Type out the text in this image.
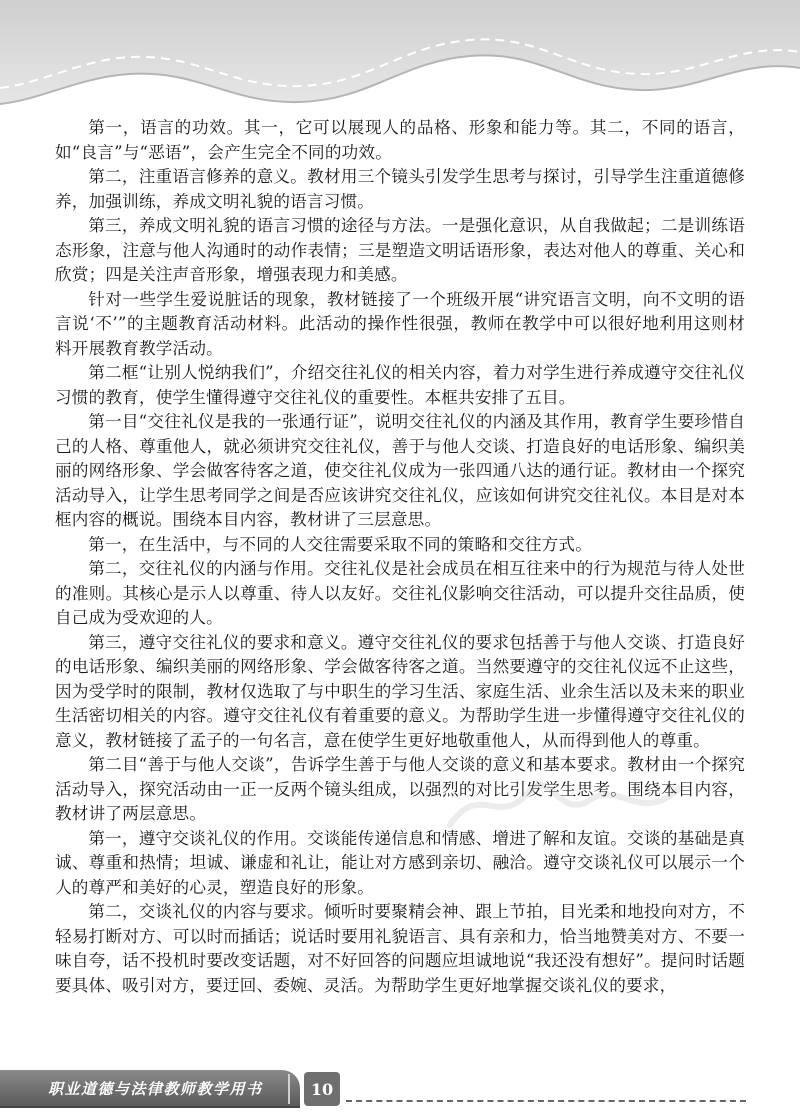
第一，语言的功效。其一，它可以展现人的品格、形象和能力等。其二，不同的语言，如“良言”与“恶语”，会产生完全不同的功效。

第二，注重语言修养的意义。教材用三个镜头引发学生思考与探讨，引导学生注重道德修养，加强训练，养成文明礼貌的语言习惯。

第三，养成文明礼貌的语言习惯的途径与方法。一是强化意识，从自我做起；二是训练语态形象，注意与他人沟通时的动作表情；三是塑造文明话语形象，表达对他人的尊重、关心和欣赏；四是关注声音形象，增强表现力和美感。

针对一些学生爱说脏话的现象，教材链接了一个班级开展“讲究语言文明，向不文明的语言说‘不’”的主题教育活动材料。此活动的操作性很强，教师在教学中可以很好地利用这则材料开展教育教学活动。

第二框“让别人悦纳我们”，介绍交往礼仪的相关内容，着力对学生进行养成遵守交往礼仪习惯的教育，使学生懂得遵守交往礼仪的重要性。本框共安排了五目。

第一目“交往礼仪是我的一张通行证”，说明交往礼仪的内涵及其作用，教育学生要珍惜自己的人格、尊重他人，就必须讲究交往礼仪，善于与他人交谈、打造良好的电话形象、编织美丽的网络形象、学会做客待客之道，使交往礼仪成为一张四通八达的通行证。教材由一个探究活动导入，让学生思考同学之间是否应该讲究交往礼仪，应该如何讲究交往礼仪。本目是对本框内容的概说。围绕本目内容，教材讲了三层意思。

第一，在生活中，与不同的人交往需要采取不同的策略和交往方式。

第二，交往礼仪的内涵与作用。交往礼仪是社会成员在相互往来中的行为规范与待人处世的准则。其核心是示人以尊重、待人以友好。交往礼仪影响交往活动，可以提升交往品质，使自己成为受欢迎的人。

第三，遵守交往礼仪的要求和意义。遵守交往礼仪的要求包括善于与他人交谈、打造良好的电话形象、编织美丽的网络形象、学会做客待客之道。当然要遵守的交往礼仪远不止这些，因为受学时的限制，教材仅选取了与中职生的学习生活、家庭生活、业余生活以及未来的职业生活密切相关的内容。遵守交往礼仪有着重要的意义。为帮助学生进一步懂得遵守交往礼仪的意义，教材链接了孟子的一句名言，意在使学生更好地敬重他人，从而得到他人的尊重。

第二目“善于与他人交谈”，告诉学生善于与他人交谈的意义和基本要求。教材由一个探究活动导入，探究活动由一正一反两个镜头组成，以强烈的对比引发学生思考。围绕本目内容，教材讲了两层意思。

第一，遵守交谈礼仪的作用。交谈能传递信息和情感、增进了解和友谊。交谈的基础是真诚、尊重和热情；坦诚、谦虚和礼让，能让对方感到亲切、融洽。遵守交谈礼仪可以展示一个人的尊严和美好的心灵，塑造良好的形象。

第二，交谈礼仪的内容与要求。倾听时要聚精会神、跟上节拍，目光柔和地投向对方，不轻易打断对方、可以时而插话；说话时要用礼貌语言、具有亲和力，恰当地赞美对方、不要一味自夸，话不投机时要改变话题，对不好回答的问题应坦诚地说“我还没有想好”。提问时话题要具体、吸引对方，要迂回、委婉、灵活。为帮助学生更好地掌握交谈礼仪的要求，

职业道德与法律教师教学用书	10
